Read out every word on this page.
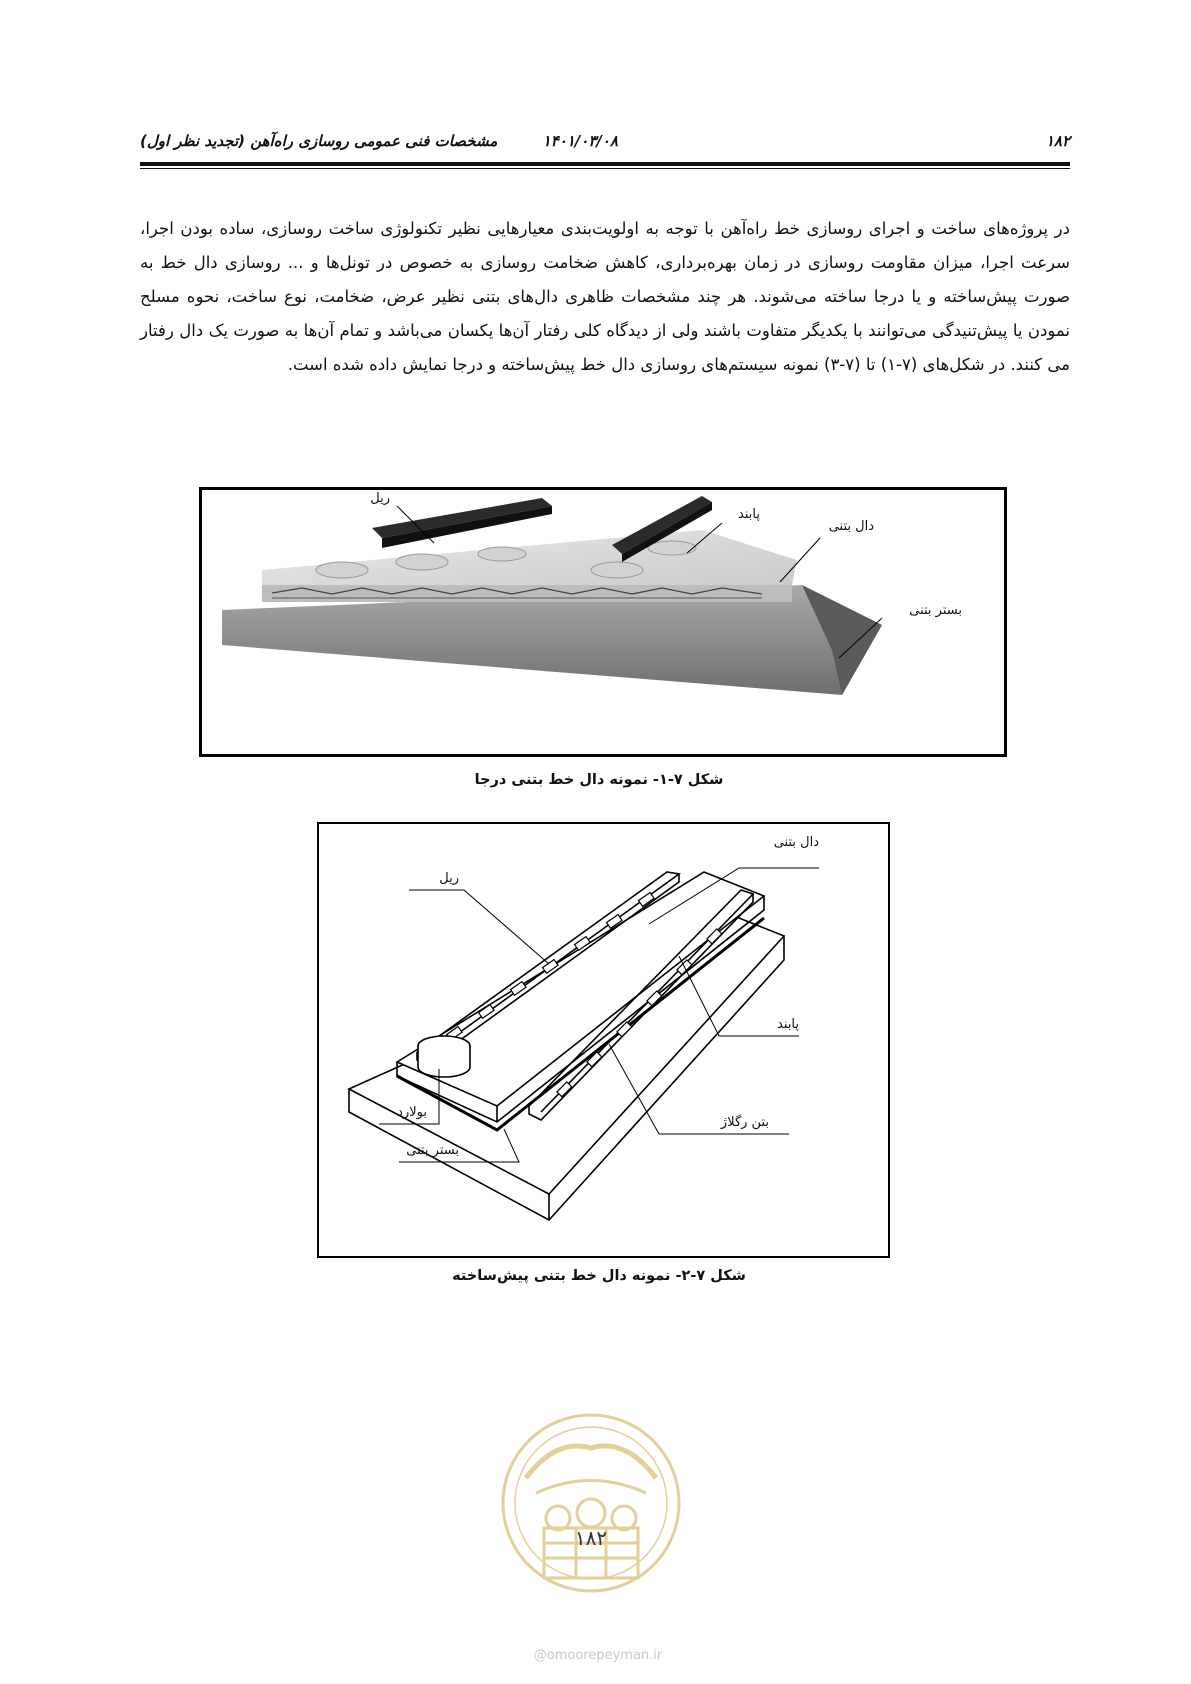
۱۸۲
۱۴۰۱/۰۳/۰۸
مشخصات فنی عمومی روسازی راه‌آهن (تجدید نظر اول)

در پروژه‌های ساخت و اجرای روسازی خط راه‌آهن با توجه به اولویت‌بندی معیارهایی نظیر تکنولوژی ساخت روسازی، ساده بودن اجرا، سرعت اجرا، میزان مقاومت روسازی در زمان بهره‌برداری، کاهش ضخامت روسازی به خصوص در تونل‌ها و ... روسازی دال خط به صورت پیش‌ساخته و یا درجا ساخته می‌شوند. هر چند مشخصات ظاهری دال‌های بتنی نظیر عرض، ضخامت، نوع ساخت، نحوه مسلح نمودن یا پیش‌تنیدگی می‌توانند با یکدیگر متفاوت باشند ولی از دیدگاه کلی رفتار آن‌ها یکسان می‌باشد و تمام آن‌ها به صورت یک دال رفتار می کنند. در شکل‌های (۷-۱) تا (۷-۳) نمونه سیستم‌های روسازی دال خط پیش‌ساخته و درجا نمایش داده شده است.

ریل
پابند
دال بتنی
بستر بتنی
شکل ۷-۱- نمونه دال خط بتنی درجا
دال بتنی
ریل
پابند
بتن رگلاژ
بولارد
بستر بتنی
شکل ۷-۲- نمونه دال خط بتنی پیش‌ساخته
۱۸۲
@omoorepeyman.ir
